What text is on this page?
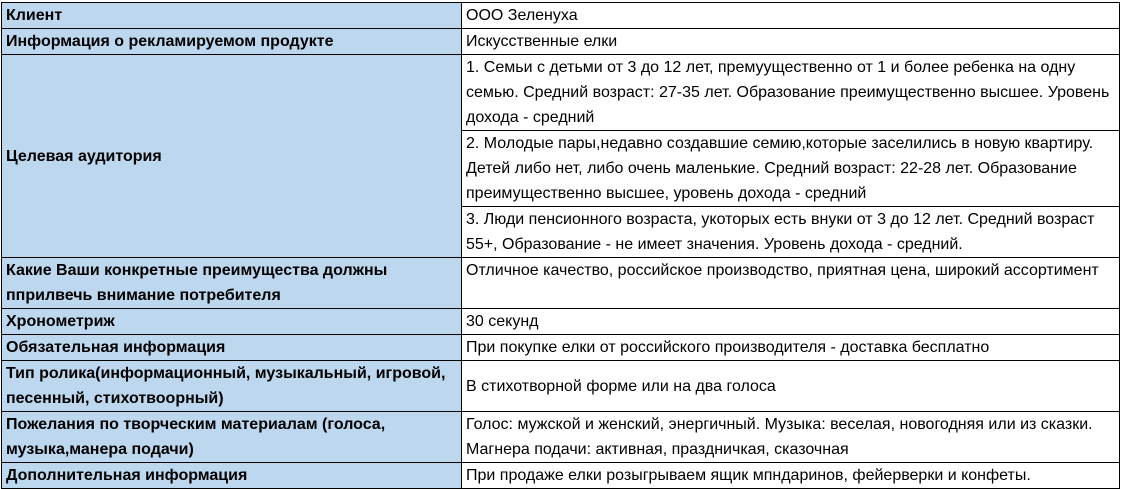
Клиент	ООО Зеленуха
Информация о рекламируемом продукте	Искусственные елки
Целевая аудитория	1. Семьи с детьми от 3 до 12 лет, премуущественно от 1 и более ребенка на одну семью. Средний возраст: 27-35 лет. Образование преимущественно высшее. Уровень дохода - средний
	2. Молодые пары,недавно создавшие семию,которые заселились в новую квартиру. Детей либо нет, либо очень маленькие. Средний возраст: 22-28 лет. Образование преимущественно высшее, уровень дохода - средний
	3. Люди пенсионного возраста, укоторых есть внуки от 3 до 12 лет. Средний возраст 55+, Образование - не имеет значения. Уровень дохода - средний.
Какие Ваши конкретные преимущества должны пприлвечь внимание потребителя	Отличное качество, российское производство, приятная цена, широкий ассортимент
Хронометриж	30 секунд
Обязательная информация	При покупке елки от российского производителя - доставка бесплатно
Тип ролика(информационный, музыкальный, игровой, песенный, стихотвоорный)	В стихотворной форме или на два голоса
Пожелания по творческим материалам (голоса, музыка,манера подачи)	Голос: мужской и женский, энергичный. Музыка: веселая, новогодняя или из сказки. Магнера подачи: активная, праздничкая, сказочная
Дополнительная информация	При продаже елки розыгрываем ящик мпндаринов, фейерверки и конфеты.
